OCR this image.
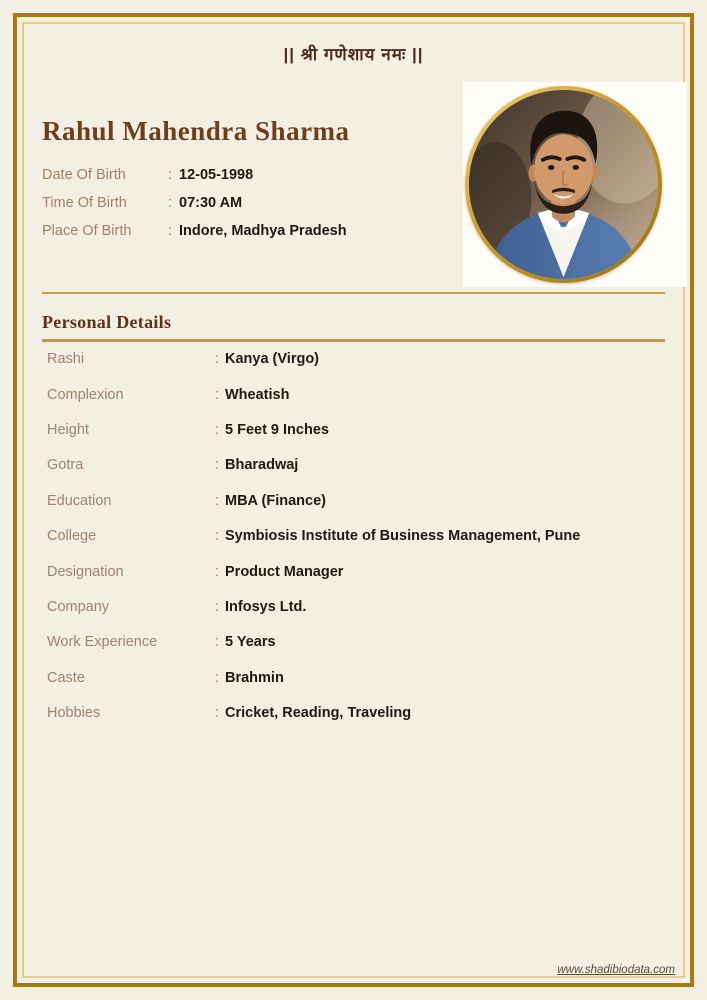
|| श्री गणेशाय नमः ||
Rahul Mahendra Sharma
Date Of Birth	: 12-05-1998
Time Of Birth	: 07:30 AM
Place Of Birth	: Indore, Madhya Pradesh
Personal Details
Rashi	: Kanya (Virgo)
Complexion	: Wheatish
Height	: 5 Feet 9 Inches
Gotra	: Bharadwaj
Education	: MBA (Finance)
College	: Symbiosis Institute of Business Management, Pune
Designation	: Product Manager
Company	: Infosys Ltd.
Work Experience	: 5 Years
Caste	: Brahmin
Hobbies	: Cricket, Reading, Traveling
www.shadibiodata.com
